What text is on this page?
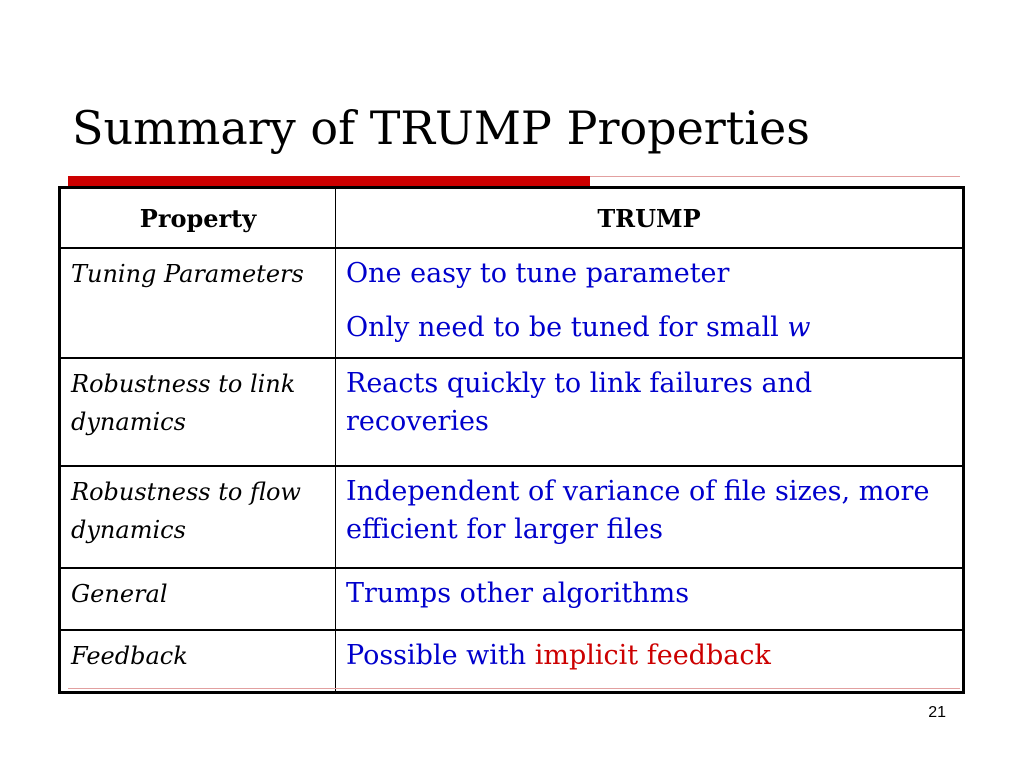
Summary of TRUMP Properties
Property	TRUMP
Tuning Parameters	One easy to tune parameter
Only need to be tuned for small w

Robustness to link dynamics	Reacts quickly to link failures and recoveries
Robustness to flow dynamics	Independent of variance of file sizes, more efficient for larger files
General	Trumps other algorithms
Feedback	Possible with implicit feedback
21
